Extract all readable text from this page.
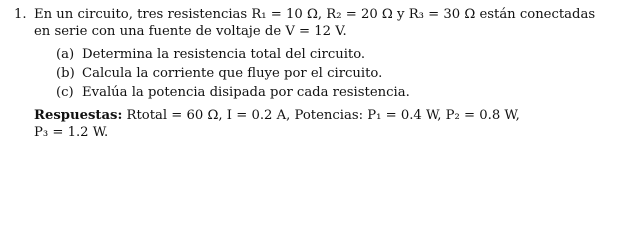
1. En un circuito, tres resistencias R₁ = 10 Ω, R₂ = 20 Ω y R₃ = 30 Ω están conectadas
en serie con una fuente de voltaje de V = 12 V.
(a) Determina la resistencia total del circuito.
(b) Calcula la corriente que fluye por el circuito.
(c) Evalúa la potencia disipada por cada resistencia.
Respuestas: Rtotal = 60 Ω, I = 0.2 A, Potencias: P₁ = 0.4 W, P₂ = 0.8 W,
P₃ = 1.2 W.
